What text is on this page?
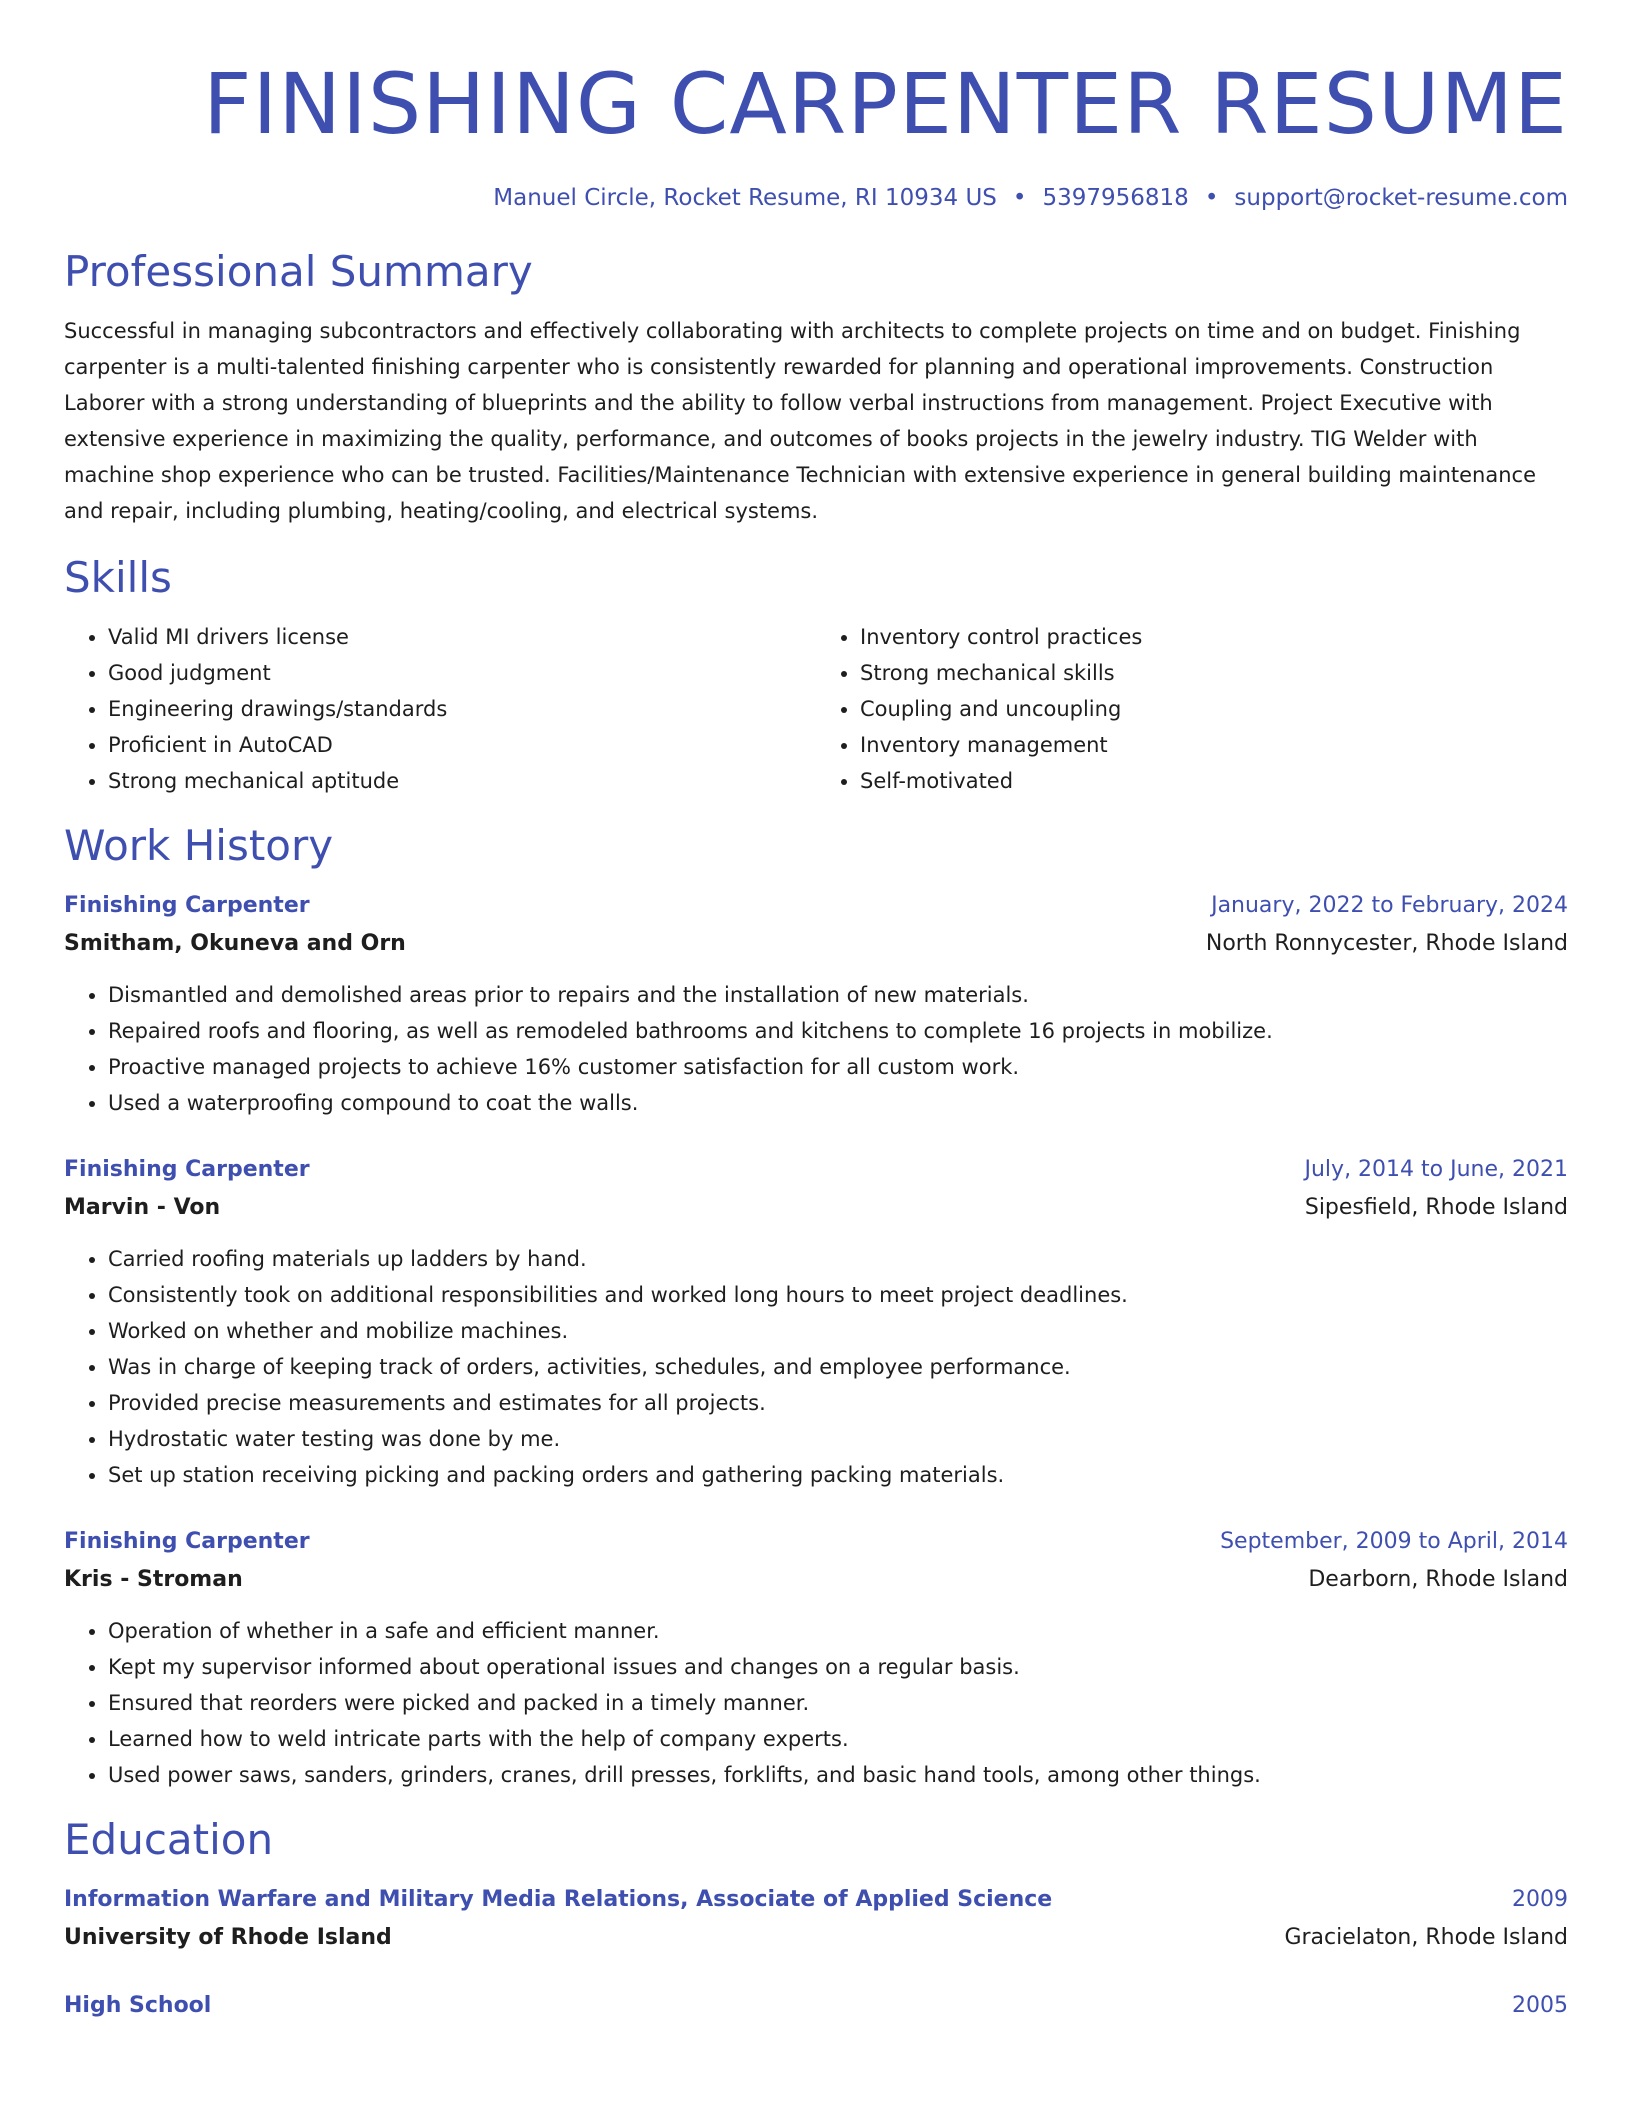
FINISHING CARPENTER RESUME
Manuel Circle, Rocket Resume, RI 10934 US • 5397956818 • support@rocket-resume.com
Professional Summary

Successful in managing subcontractors and effectively collaborating with architects to complete projects on time and on budget. Finishing carpenter is a multi-talented finishing carpenter who is consistently rewarded for planning and operational improvements. Construction Laborer with a strong understanding of blueprints and the ability to follow verbal instructions from management. Project Executive with extensive experience in maximizing the quality, performance, and outcomes of books projects in the jewelry industry. TIG Welder with machine shop experience who can be trusted. Facilities/Maintenance Technician with extensive experience in general building maintenance and repair, including plumbing, heating/cooling, and electrical systems.

Skills
• Valid MI drivers license
• Good judgment
• Engineering drawings/standards
• Proficient in AutoCAD
• Strong mechanical aptitude
• Inventory control practices
• Strong mechanical skills
• Coupling and uncoupling
• Inventory management
• Self-motivated
Work History
Finishing Carpenter	January, 2022 to February, 2024
Smitham, Okuneva and Orn	North Ronnycester, Rhode Island
• Dismantled and demolished areas prior to repairs and the installation of new materials.
• Repaired roofs and flooring, as well as remodeled bathrooms and kitchens to complete 16 projects in mobilize.
• Proactive managed projects to achieve 16% customer satisfaction for all custom work.
• Used a waterproofing compound to coat the walls.
Finishing Carpenter	July, 2014 to June, 2021
Marvin - Von	Sipesfield, Rhode Island
• Carried roofing materials up ladders by hand.
• Consistently took on additional responsibilities and worked long hours to meet project deadlines.
• Worked on whether and mobilize machines.
• Was in charge of keeping track of orders, activities, schedules, and employee performance.
• Provided precise measurements and estimates for all projects.
• Hydrostatic water testing was done by me.
• Set up station receiving picking and packing orders and gathering packing materials.
Finishing Carpenter	September, 2009 to April, 2014
Kris - Stroman	Dearborn, Rhode Island
• Operation of whether in a safe and efficient manner.
• Kept my supervisor informed about operational issues and changes on a regular basis.
• Ensured that reorders were picked and packed in a timely manner.
• Learned how to weld intricate parts with the help of company experts.
• Used power saws, sanders, grinders, cranes, drill presses, forklifts, and basic hand tools, among other things.
Education
Information Warfare and Military Media Relations, Associate of Applied Science	2009
University of Rhode Island	Gracielaton, Rhode Island
High School	2005
